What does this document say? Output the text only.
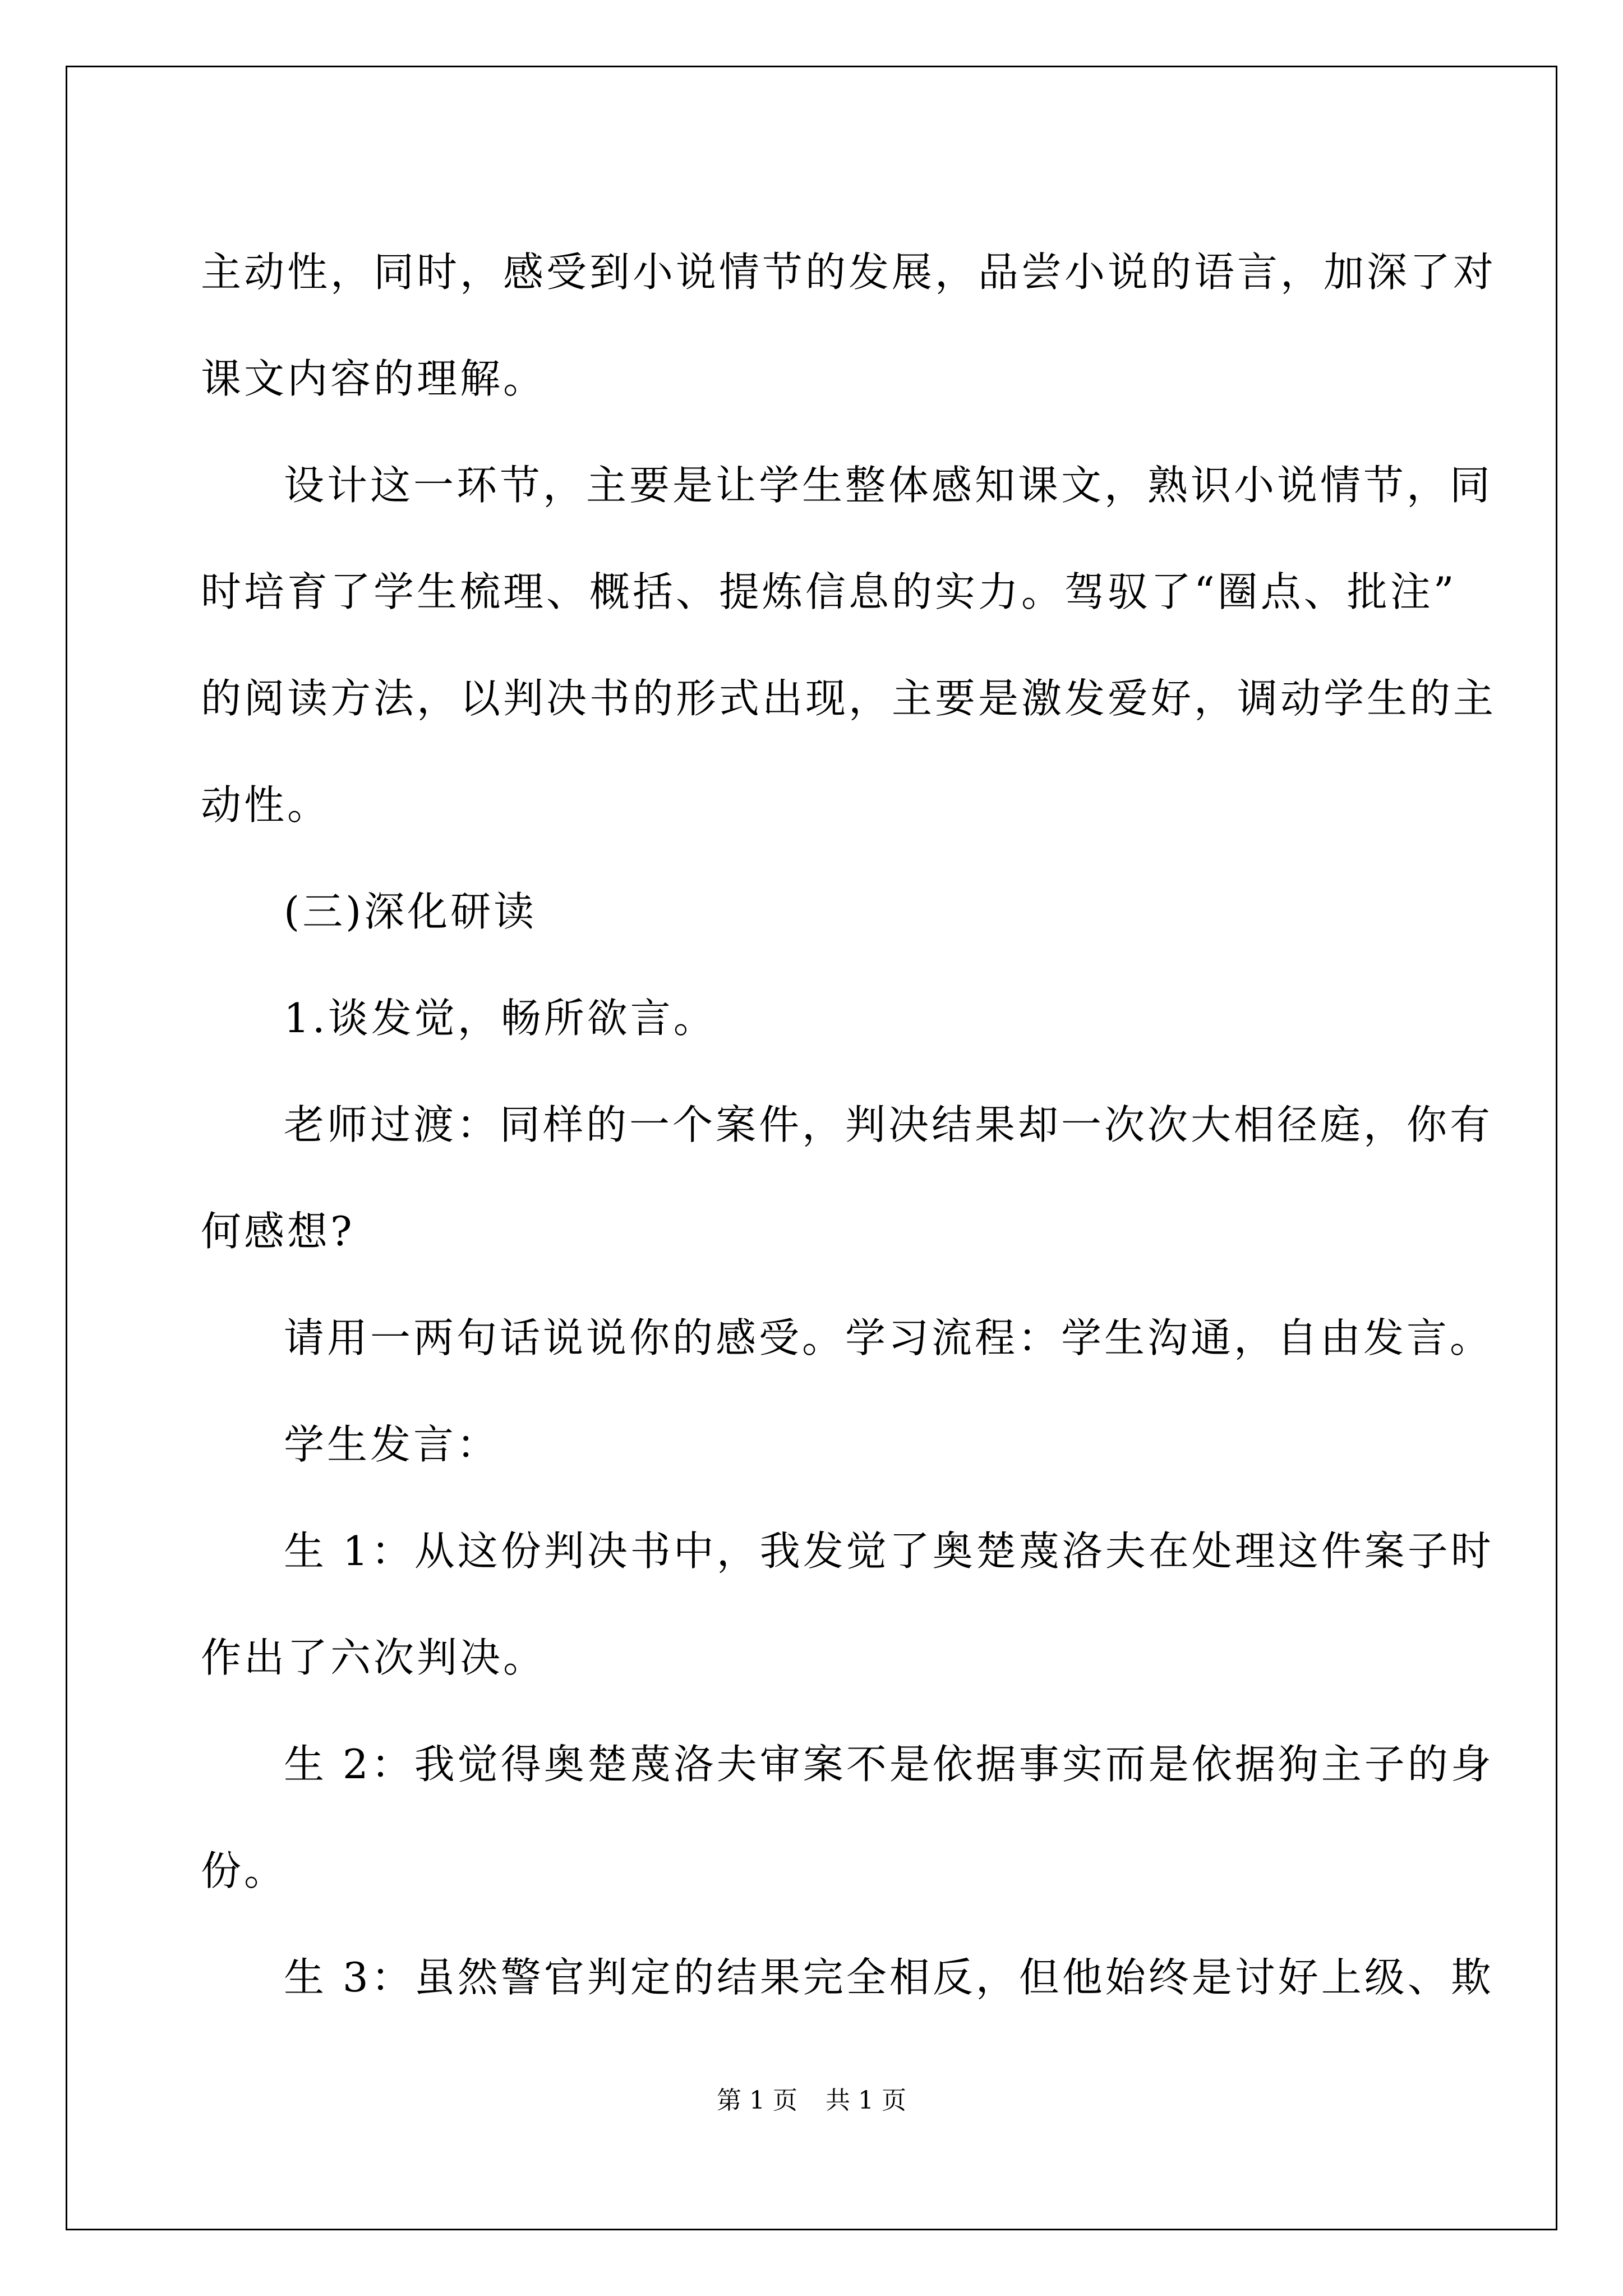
主动性，同时，感受到小说情节的发展，品尝小说的语言，加深了对

课文内容的理解。

设计这一环节，主要是让学生整体感知课文，熟识小说情节，同

时培育了学生梳理、概括、提炼信息的实力。驾驭了“圈点、批注”

的阅读方法，以判决书的形式出现，主要是激发爱好，调动学生的主

动性。

(三)深化研读

1.谈发觉，畅所欲言。

老师过渡：同样的一个案件，判决结果却一次次大相径庭，你有

何感想?

请用一两句话说说你的感受。学习流程：学生沟通，自由发言。

学生发言：

生 1：从这份判决书中，我发觉了奥楚蔑洛夫在处理这件案子时

作出了六次判决。

生 2：我觉得奥楚蔑洛夫审案不是依据事实而是依据狗主子的身

份。

生 3：虽然警官判定的结果完全相反，但他始终是讨好上级、欺

第 1 页 共 1 页
